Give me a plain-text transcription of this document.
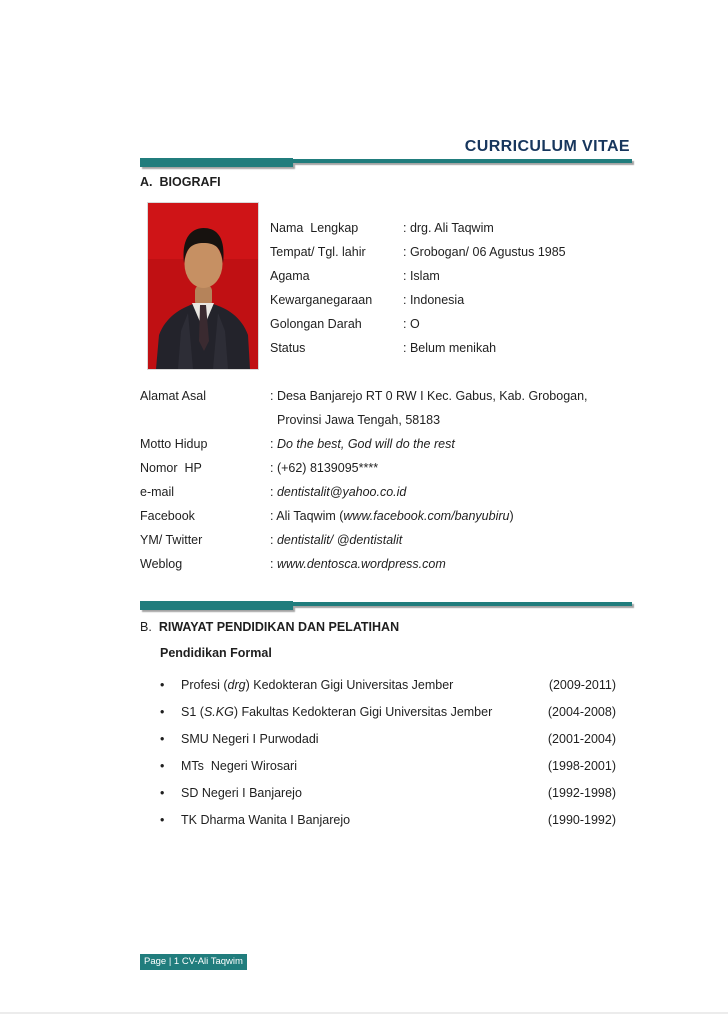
CURRICULUM VITAE
A. BIOGRAFI
Nama  Lengkap	: drg. Ali Taqwim
Tempat/ Tgl. lahir	: Grobogan/ 06 Agustus 1985
Agama	: Islam
Kewarganegaraan	: Indonesia
Golongan Darah	: O
Status	: Belum menikah
Alamat Asal	: Desa Banjarejo RT 0 RW I Kec. Gabus, Kab. Grobogan,
Provinsi Jawa Tengah, 58183
Motto Hidup	: Do the best, God will do the rest
Nomor  HP	: (+62) 8139095****
e-mail	: dentistalit@yahoo.co.id
Facebook	: Ali Taqwim (www.facebook.com/banyubiru)
YM/ Twitter	: dentistalit/ @dentistalit
Weblog	: www.dentosca.wordpress.com
B. RIWAYAT PENDIDIKAN DAN PELATIHAN
Pendidikan Formal
• Profesi (drg) Kedokteran Gigi Universitas Jember	(2009-2011)
• S1 (S.KG) Fakultas Kedokteran Gigi Universitas Jember	(2004-2008)
• SMU Negeri I Purwodadi	(2001-2004)
• MTs  Negeri Wirosari	(1998-2001)
• SD Negeri I Banjarejo	(1992-1998)
• TK Dharma Wanita I Banjarejo	(1990-1992)
Page | 1 CV-Ali Taqwim
